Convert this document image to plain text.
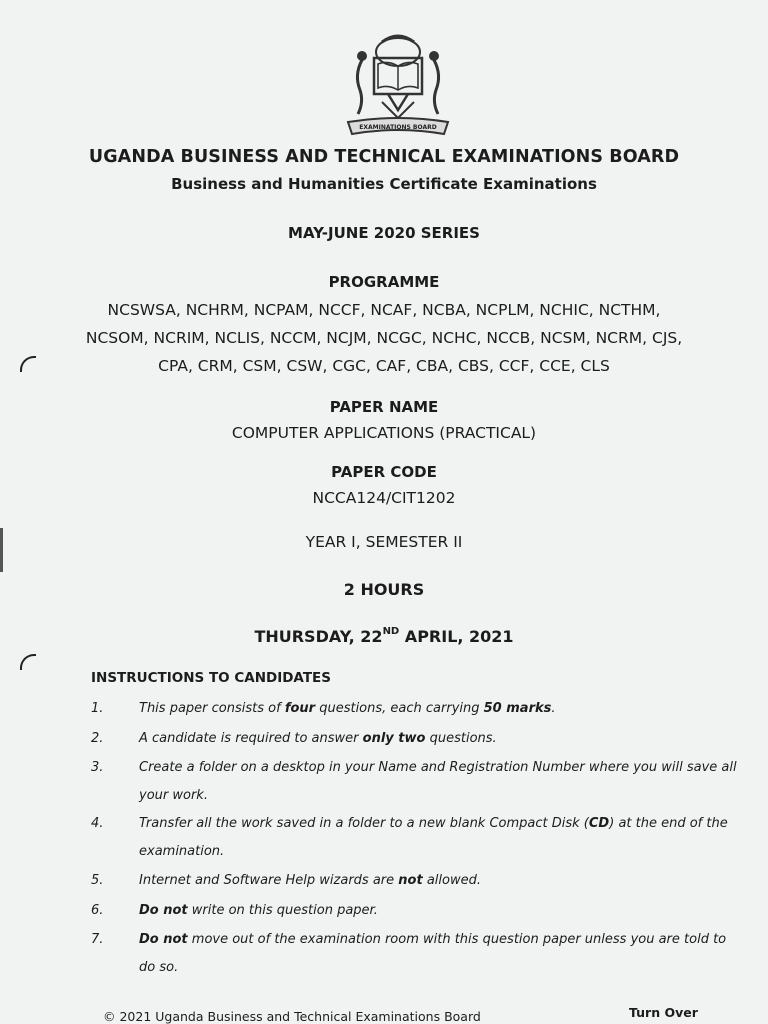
EXAMINATIONS BOARD
UGANDA BUSINESS AND TECHNICAL EXAMINATIONS BOARD
Business and Humanities Certificate Examinations
MAY-JUNE 2020 SERIES
PROGRAMME
NCSWSA, NCHRM, NCPAM, NCCF, NCAF, NCBA, NCPLM, NCHIC, NCTHM,
NCSOM, NCRIM, NCLIS, NCCM, NCJM, NCGC, NCHC, NCCB, NCSM, NCRM, CJS,
CPA, CRM, CSM, CSW, CGC, CAF, CBA, CBS, CCF, CCE, CLS
PAPER NAME
COMPUTER APPLICATIONS (PRACTICAL)
PAPER CODE
NCCA124/CIT1202
YEAR I, SEMESTER II
2 HOURS
THURSDAY, 22ND APRIL, 2021
INSTRUCTIONS TO CANDIDATES
1.	This paper consists of four questions, each carrying 50 marks.
2.	A candidate is required to answer only two questions.
3.	Create a folder on a desktop in your Name and Registration Number where you will save all your work.
4.	Transfer all the work saved in a folder to a new blank Compact Disk (CD) at the end of the examination.
5.	Internet and Software Help wizards are not allowed.
6.	Do not write on this question paper.
7.	Do not move out of the examination room with this question paper unless you are told to do so.
© 2021 Uganda Business and Technical Examinations Board	Turn Over
